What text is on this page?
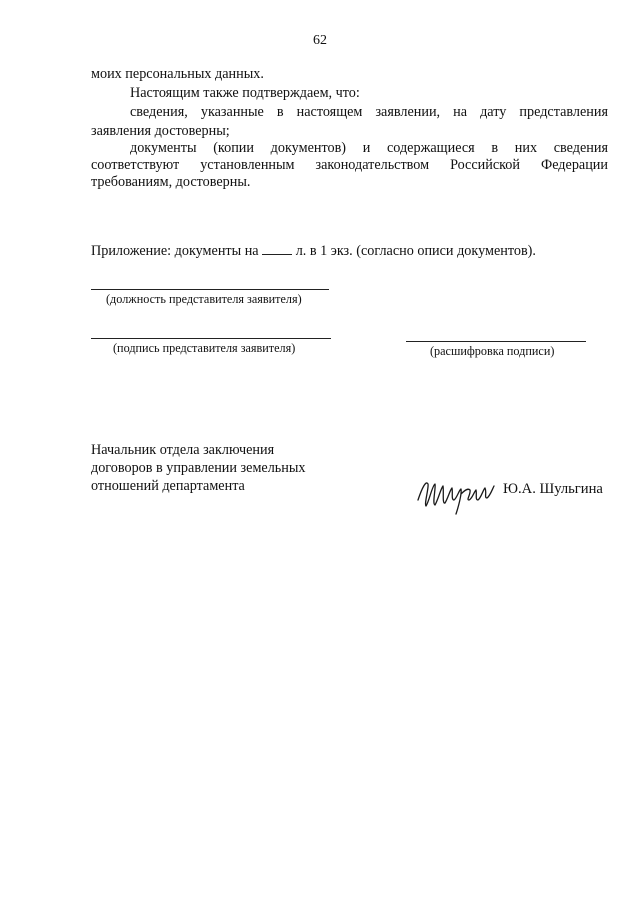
62
моих персональных данных.
Настоящим также подтверждаем, что:
сведения, указанные в настоящем заявлении, на дату представления
заявления достоверны;
документы (копии документов) и содержащиеся в них сведения
соответствуют установленным законодательством Российской Федерации
требованиям, достоверны.
Приложение: документы на	л. в 1 экз. (согласно описи документов).
(должность представителя заявителя)
(подпись представителя заявителя)	(расшифровка подписи)
Начальник отдела заключения
договоров в управлении земельных
отношений департамента	Ю.А. Шульгина
